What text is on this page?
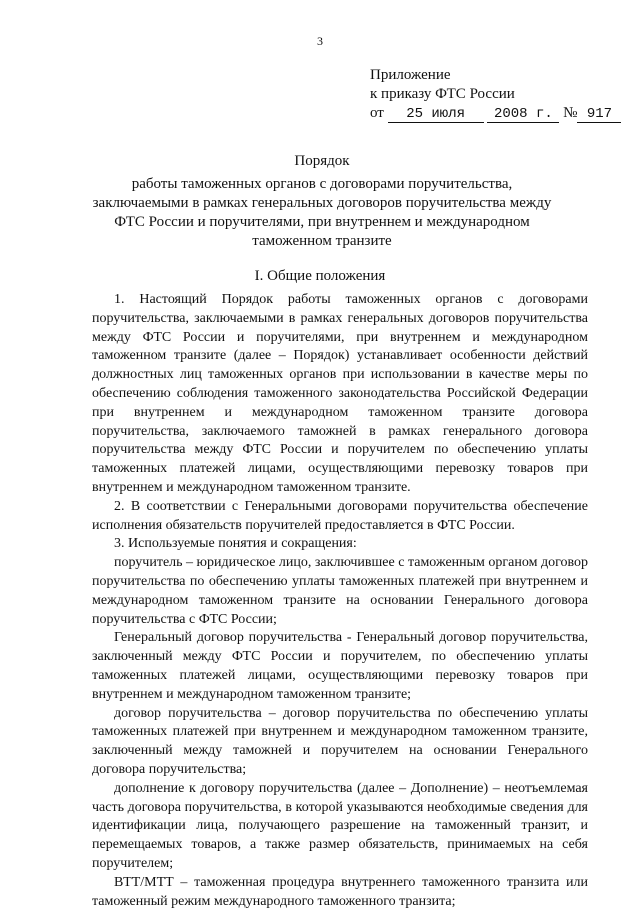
3
Приложение
к приказу ФТС России
от 25 июля 2008 г. № 917
Порядок
работы таможенных органов с договорами поручительства, заключаемыми в рамках генеральных договоров поручительства между ФТС России и поручителями, при внутреннем и международном таможенном транзите
I. Общие положения

1. Настоящий Порядок работы таможенных органов с договорами поручительства, заключаемыми в рамках генеральных договоров поручительства между ФТС России и поручителями, при внутреннем и международном таможенном транзите (далее – Порядок) устанавливает особенности действий должностных лиц таможенных органов при использовании в качестве меры по обеспечению соблюдения таможенного законодательства Российской Федерации при внутреннем и международном таможенном транзите договора поручительства, заключаемого таможней в рамках генерального договора поручительства между ФТС России и поручителем по обеспечению уплаты таможенных платежей лицами, осуществляющими перевозку товаров при внутреннем и международном таможенном транзите.

2. В соответствии с Генеральными договорами поручительства обеспечение исполнения обязательств поручителей предоставляется в ФТС России.

3. Используемые понятия и сокращения:

поручитель – юридическое лицо, заключившее с таможенным органом договор поручительства по обеспечению уплаты таможенных платежей при внутреннем и международном таможенном транзите на основании Генерального договора поручительства с ФТС России;

Генеральный договор поручительства - Генеральный договор поручительства, заключенный между ФТС России и поручителем, по обеспечению уплаты таможенных платежей лицами, осуществляющими перевозку товаров при внутреннем и международном таможенном транзите;

договор поручительства – договор поручительства по обеспечению уплаты таможенных платежей при внутреннем и международном таможенном транзите, заключенный между таможней и поручителем на основании Генерального договора поручительства;

дополнение к договору поручительства (далее – Дополнение) – неотъемлемая часть договора поручительства, в которой указываются необходимые сведения для идентификации лица, получающего разрешение на таможенный транзит, и перемещаемых товаров, а также размер обязательств, принимаемых на себя поручителем;

ВТТ/МТТ – таможенная процедура внутреннего таможенного транзита или таможенный режим международного таможенного транзита;
